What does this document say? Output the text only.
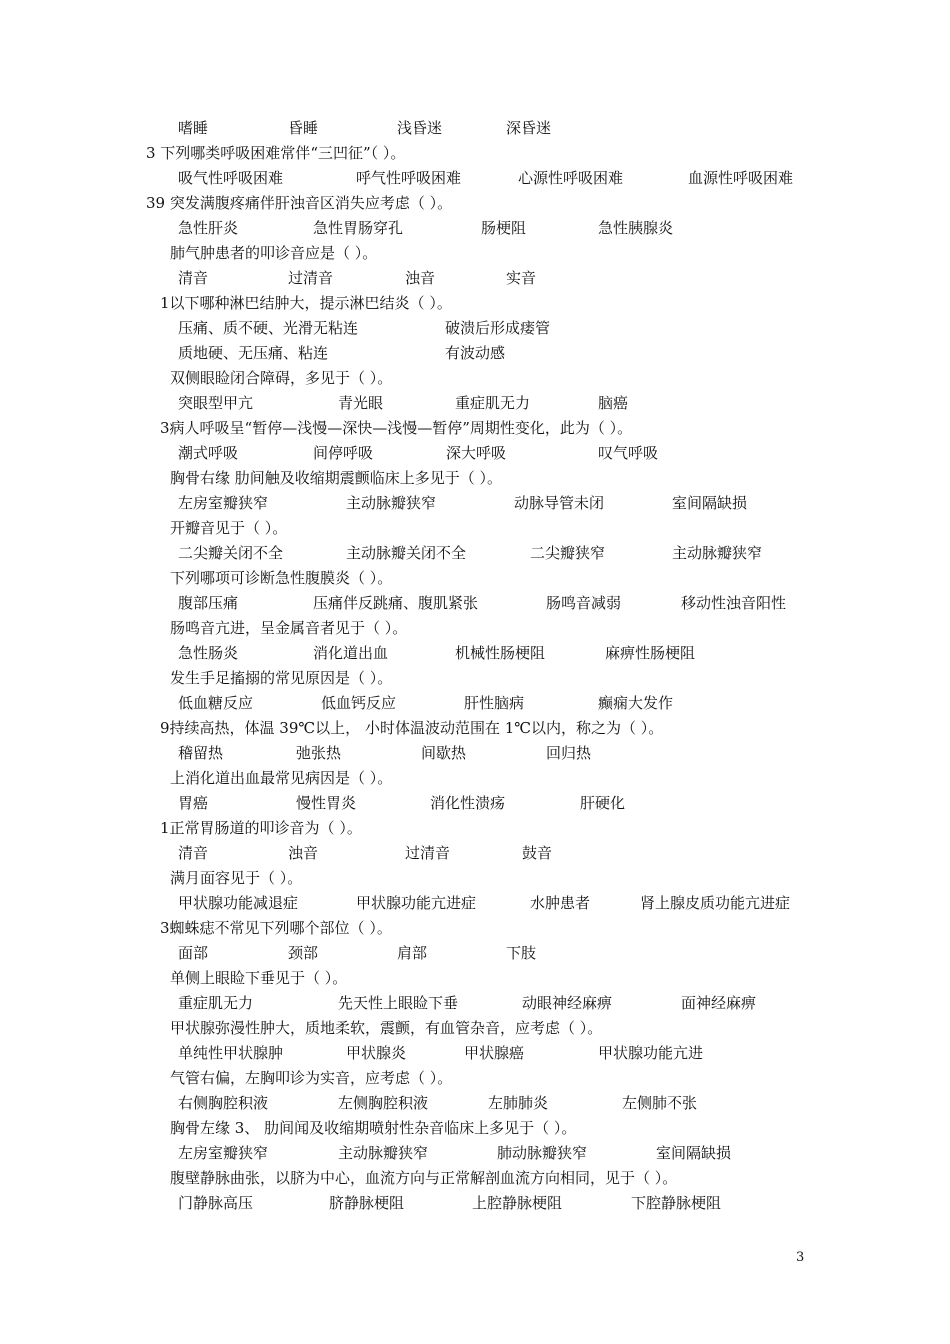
嗜睡	昏睡	浅昏迷	深昏迷
3 下列哪类呼吸困难常伴“三凹征”（ ）。
吸气性呼吸困难	呼气性呼吸困难	心源性呼吸困难	血源性呼吸困难
39 突发满腹疼痛伴肝浊音区消失应考虑（ ）。
急性肝炎	急性胃肠穿孔	肠梗阻	急性胰腺炎
肺气肿患者的叩诊音应是（ ）。
清音	过清音	浊音	实音
1以下哪种淋巴结肿大，提示淋巴结炎（ ）。
压痛、质不硬、光滑无粘连	破溃后形成瘘管
质地硬、无压痛、粘连	有波动感
双侧眼睑闭合障碍，多见于（ ）。
突眼型甲亢	青光眼	重症肌无力	脑癌
3病人呼吸呈“暂停—浅慢—深快—浅慢—暂停”周期性变化，此为（ ）。
潮式呼吸	间停呼吸	深大呼吸	叹气呼吸
胸骨右缘 肋间触及收缩期震颤临床上多见于（ ）。
左房室瓣狭窄	主动脉瓣狭窄	动脉导管未闭	室间隔缺损
开瓣音见于（ ）。
二尖瓣关闭不全	主动脉瓣关闭不全	二尖瓣狭窄	主动脉瓣狭窄
下列哪项可诊断急性腹膜炎（ ）。
腹部压痛	压痛伴反跳痛、腹肌紧张	肠鸣音减弱	移动性浊音阳性
肠鸣音亢进，呈金属音者见于（ ）。
急性肠炎	消化道出血	机械性肠梗阻	麻痹性肠梗阻
发生手足搐搦的常见原因是（ ）。
低血糖反应	低血钙反应	肝性脑病	癫痫大发作
9持续高热，体温 39℃以上， 小时体温波动范围在 1℃以内，称之为（ ）。
稽留热	弛张热	间歇热	回归热
上消化道出血最常见病因是（ ）。
胃癌	慢性胃炎	消化性溃疡	肝硬化
1正常胃肠道的叩诊音为（ ）。
清音	浊音	过清音	鼓音
满月面容见于（ ）。
甲状腺功能减退症	甲状腺功能亢进症	水肿患者	肾上腺皮质功能亢进症
3蜘蛛痣不常见下列哪个部位（ ）。
面部	颈部	肩部	下肢
单侧上眼睑下垂见于（ ）。
重症肌无力	先天性上眼睑下垂	动眼神经麻痹	面神经麻痹
甲状腺弥漫性肿大，质地柔软，震颤，有血管杂音，应考虑（ ）。
单纯性甲状腺肿	甲状腺炎	甲状腺癌	甲状腺功能亢进
气管右偏，左胸叩诊为实音，应考虑（ ）。
右侧胸腔积液	左侧胸腔积液	左肺肺炎	左侧肺不张
胸骨左缘 3、 肋间闻及收缩期喷射性杂音临床上多见于（ ）。
左房室瓣狭窄	主动脉瓣狭窄	肺动脉瓣狭窄	室间隔缺损
腹壁静脉曲张，以脐为中心，血流方向与正常解剖血流方向相同，见于（ ）。
门静脉高压	脐静脉梗阻	上腔静脉梗阻	下腔静脉梗阻
3
